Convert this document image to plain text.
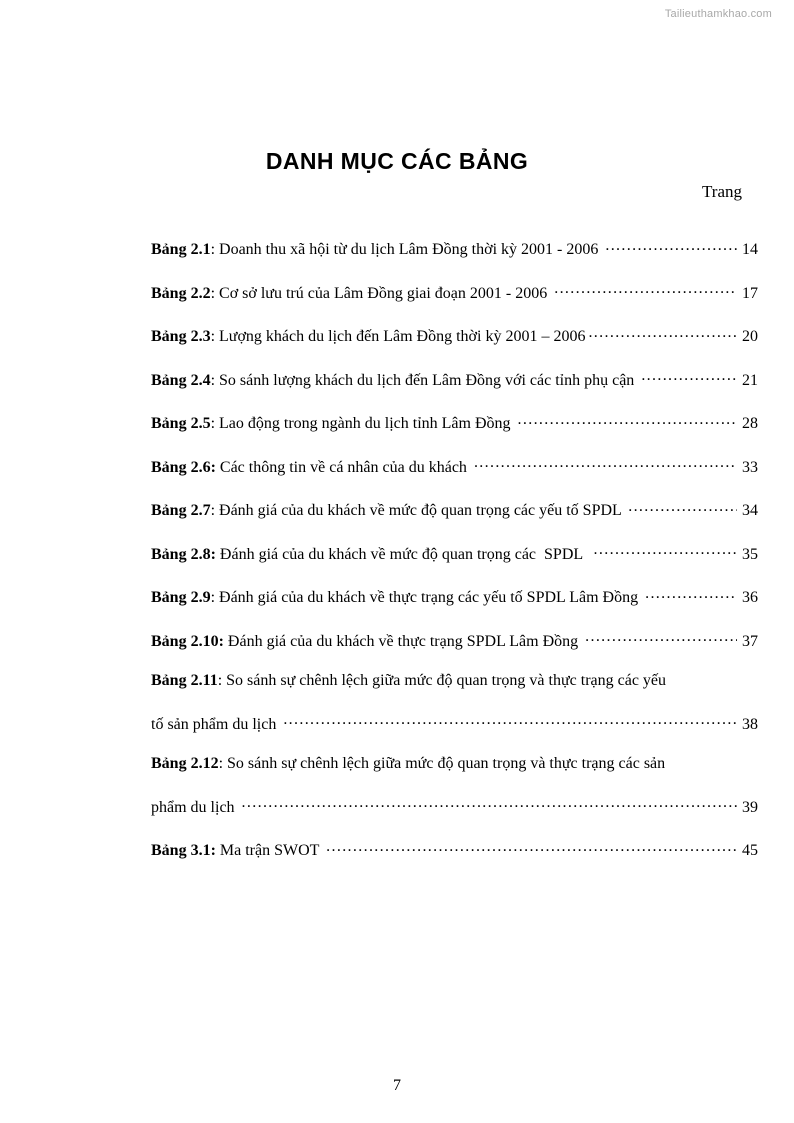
Tailieuthamkhao.com
DANH MỤC CÁC BẢNG
Trang
Bảng 2.1 : Doanh thu xã hội từ du lịch Lâm Đồng thời kỳ 2001 - 2006 .....	14
Bảng 2.2 : Cơ sở lưu trú của Lâm Đồng giai đoạn 2001 - 2006 .....	17
Bảng 2.3 : Lượng khách du lịch đến Lâm Đồng thời kỳ 2001 – 2006 .....	20
Bảng 2.4 : So sánh lượng khách du lịch đến Lâm Đồng với các tỉnh phụ cận .....	21
Bảng 2.5 : Lao động trong ngành du lịch tỉnh Lâm Đồng .....	28
Bảng 2.6: Các thông tin về cá nhân của du khách .....	33
Bảng 2.7 : Đánh giá của du khách về mức độ quan trọng các yếu tố SPDL .....	34
Bảng 2.8: Đánh giá của du khách về mức độ quan trọng các  SPDL .....	35
Bảng 2.9 : Đánh giá của du khách về thực trạng các yếu tố SPDL Lâm Đồng .....	36
Bảng 2.10: Đánh giá của du khách về thực trạng SPDL Lâm Đồng .....	37
Bảng 2.11 : So sánh sự chênh lệch giữa mức độ quan trọng và thực trạng các yếu
tố sản phẩm du lịch .....	38
Bảng 2.12 : So sánh sự chênh lệch giữa mức độ quan trọng và thực trạng các sản
phẩm du lịch .....	39
Bảng 3.1: Ma trận SWOT .....	45
7
